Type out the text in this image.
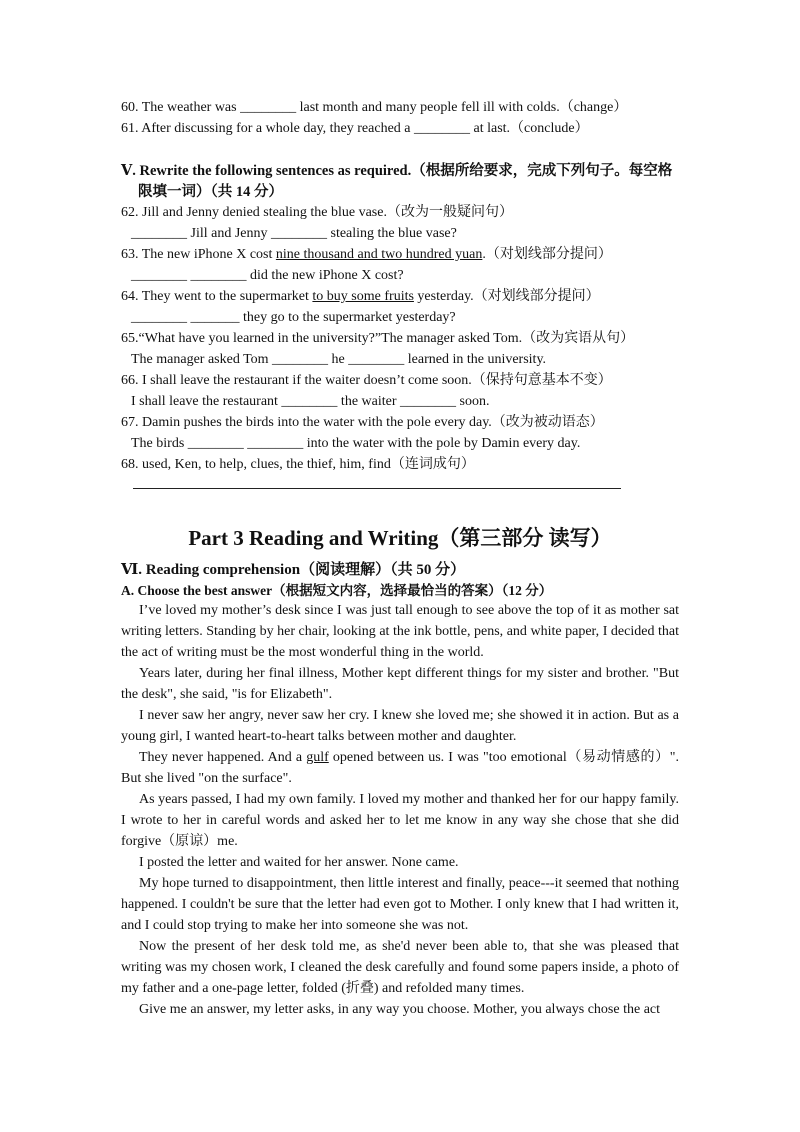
60. The weather was ________ last month and many people fell ill with colds.（change）
61. After discussing for a whole day, they reached a ________ at last.（conclude）
Ⅴ. Rewrite the following sentences as required.（根据所给要求，完成下列句子。每空格
限填一词）（共 14 分）
62. Jill and Jenny denied stealing the blue vase.（改为一般疑问句）
________ Jill and Jenny ________ stealing the blue vase?
63. The new iPhone X cost nine thousand and two hundred yuan.（对划线部分提问）
________ ________ did the new iPhone X cost?
64. They went to the supermarket to buy some fruits yesterday.（对划线部分提问）
________ _______ they go to the supermarket yesterday?
65.“What have you learned in the university?”The manager asked Tom.（改为宾语从句）
The manager asked Tom ________ he ________ learned in the university.
66. I shall leave the restaurant if the waiter doesn’t come soon.（保持句意基本不变）
I shall leave the restaurant ________ the waiter ________ soon.
67. Damin pushes the birds into the water with the pole every day.（改为被动语态）
The birds ________ ________ into the water with the pole by Damin every day.
68. used, Ken, to help, clues, the thief, him, find（连词成句）
Part 3 Reading and Writing（第三部分 读写）
Ⅵ. Reading comprehension（阅读理解）（共 50 分）
A. Choose the best answer（根据短文内容，选择最恰当的答案）（12 分）

I’ve loved my mother’s desk since I was just tall enough to see above the top of it as mother sat writing letters. Standing by her chair, looking at the ink bottle, pens, and white paper, I decided that the act of writing must be the most wonderful thing in the world.

Years later, during her final illness, Mother kept different things for my sister and brother. "But the desk", she said, "is for Elizabeth".

I never saw her angry, never saw her cry. I knew she loved me; she showed it in action. But as a young girl, I wanted heart-to-heart talks between mother and daughter.

They never happened. And a gulf opened between us. I was "too emotional（易动情感的）". But she lived "on the surface".

As years passed, I had my own family. I loved my mother and thanked her for our happy family. I wrote to her in careful words and asked her to let me know in any way she chose that she did forgive（原谅）me.

I posted the letter and waited for her answer. None came.

My hope turned to disappointment, then little interest and finally, peace---it seemed that nothing happened. I couldn't be sure that the letter had even got to Mother. I only knew that I had written it, and I could stop trying to make her into someone she was not.

Now the present of her desk told me, as she'd never been able to, that she was pleased that writing was my chosen work, I cleaned the desk carefully and found some papers inside, a photo of my father and a one-page letter, folded (折叠) and refolded many times.

Give me an answer, my letter asks, in any way you choose. Mother, you always chose the act
